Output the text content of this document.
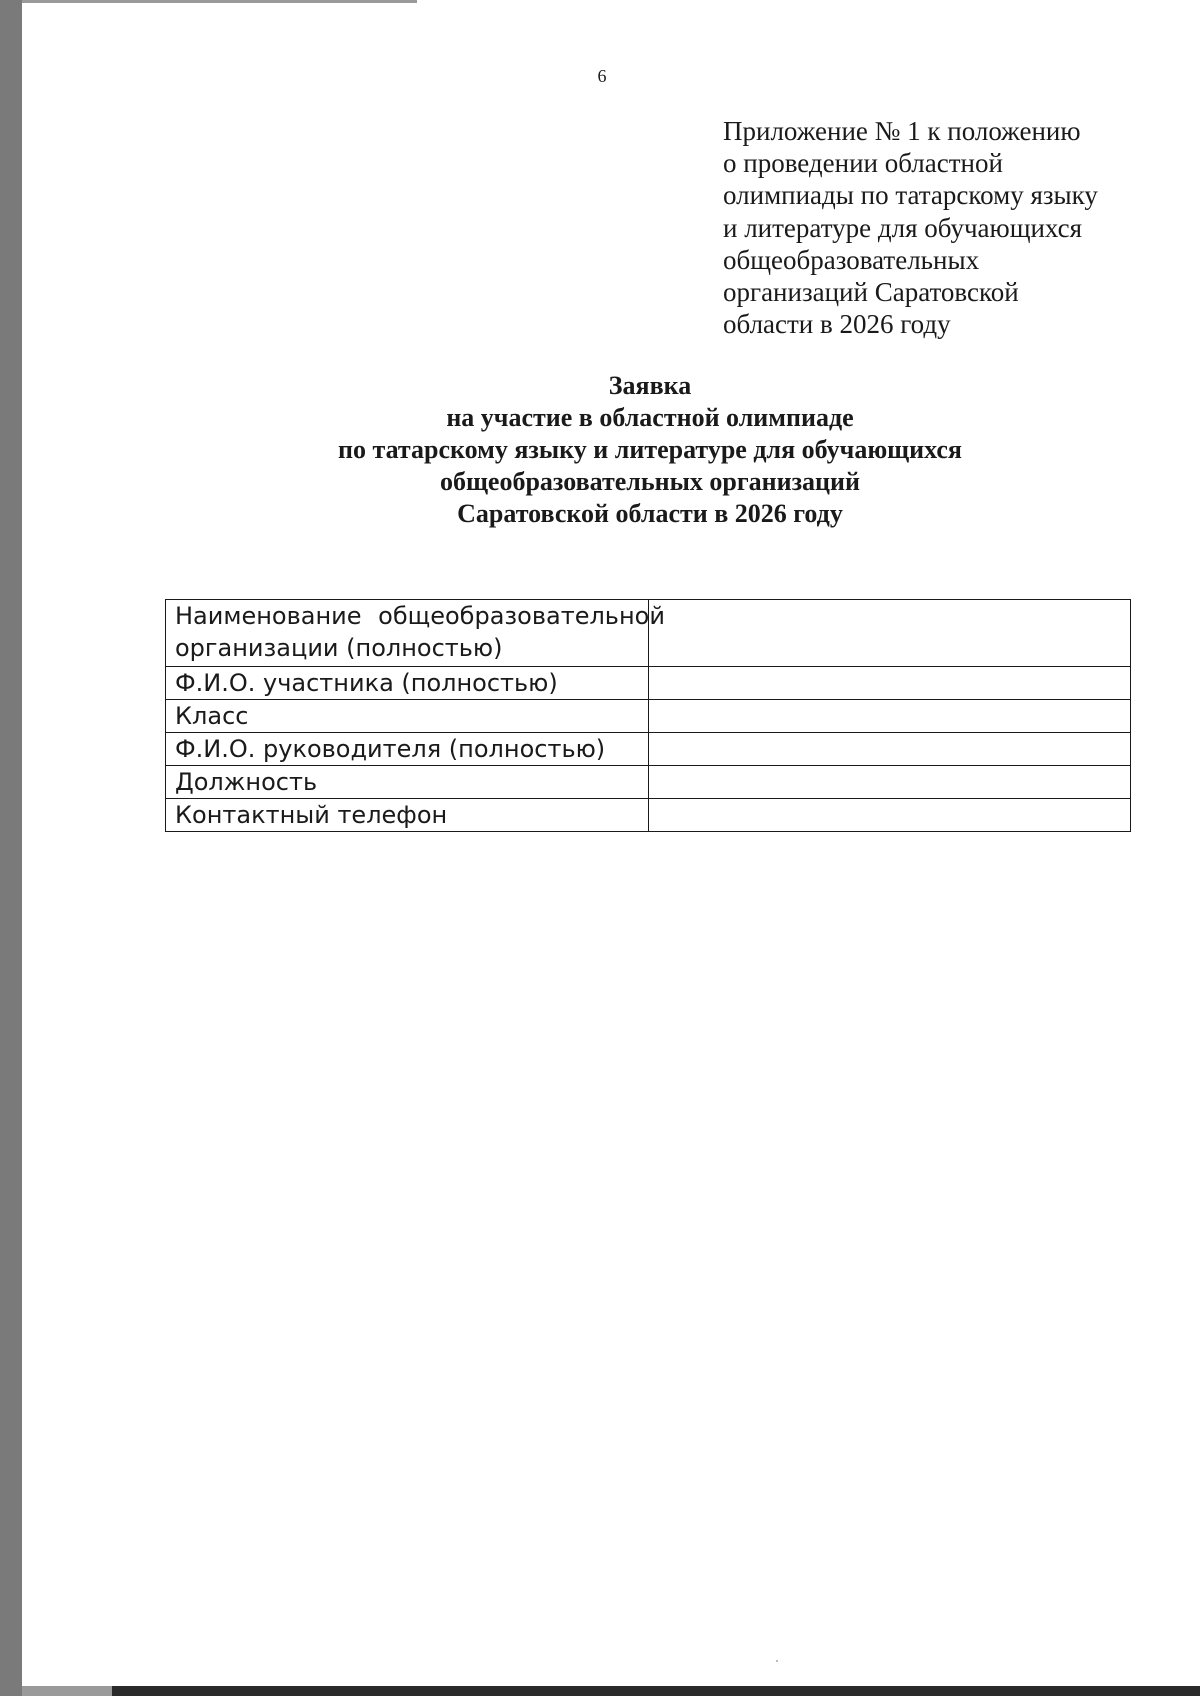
6
Приложение № 1 к положению
о проведении областной
олимпиады по татарскому языку
и литературе для обучающихся
общеобразовательных
организаций Саратовской
области в 2026 году
Заявка
на участие в областной олимпиаде
по татарскому языку и литературе для обучающихся
общеобразовательных организаций
Саратовской области в 2026 году
Наименование общеобразовательной
организации (полностью)	

Ф.И.О. участника (полностью)	
Класс	
Ф.И.О. руководителя (полностью)	
Должность	
Контактный телефон	
